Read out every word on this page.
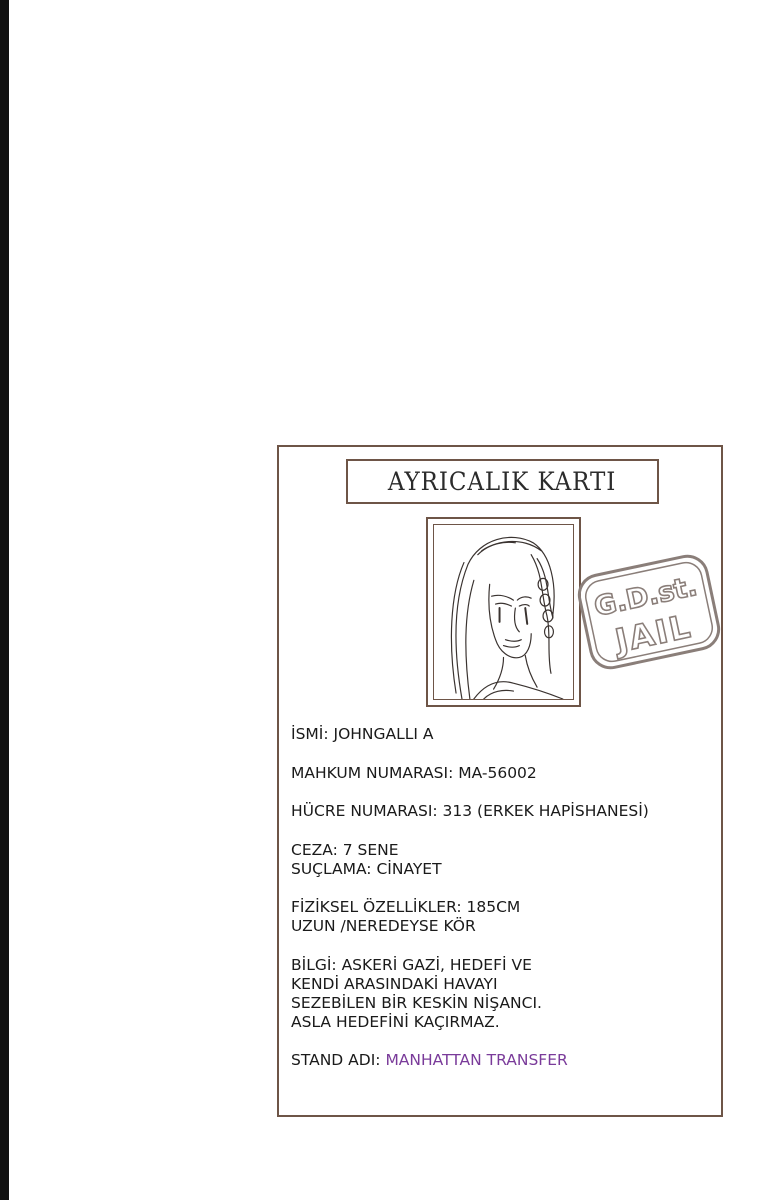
AYRICALIK KARTI
G.D.st.
JAIL
İSMİ: JOHNGALLI A
MAHKUM NUMARASI: MA-56002
HÜCRE NUMARASI: 313 (ERKEK HAPİSHANESİ)
CEZA: 7 SENE
SUÇLAMA: CİNAYET
FİZİKSEL ÖZELLİKLER: 185CM
UZUN /NEREDEYSE KÖR
BİLGİ: ASKERİ GAZİ, HEDEFİ VE
KENDİ ARASINDAKİ HAVAYI
SEZEBİLEN BİR KESKİN NİŞANCI.
ASLA HEDEFİNİ KAÇIRMAZ.
STAND ADI: MANHATTAN TRANSFER
